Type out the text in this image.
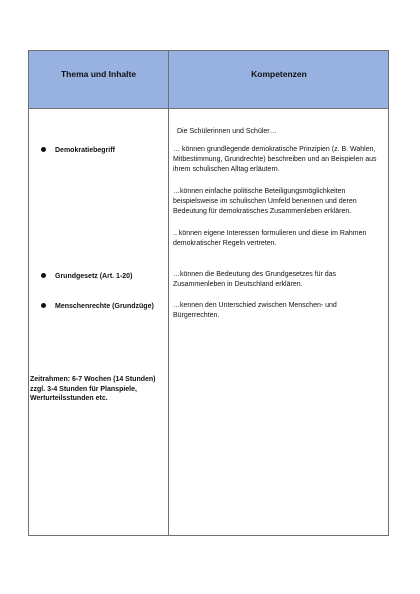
Thema und Inhalte	Kompetenzen
Demokratiebegriff
Grundgesetz (Art. 1-20)
Menschenrechte (Grundzüge)
Zeitrahmen: 6-7 Wochen (14 Stunden) zzgl. 3-4 Stunden für Planspiele, Werturteilsstunden etc.
Die Schülerinnen und Schüler…
… können grundlegende demokratische Prinzipien (z. B. Wahlen, Mitbestimmung, Grundrechte) beschreiben und an Beispielen aus ihrem schulischen Alltag erläutern.
…können einfache politische Beteiligungsmöglichkeiten beispielsweise im schulischen Umfeld benennen und deren Bedeutung für demokratisches Zusammenleben erklären.
.. können eigene Interessen formulieren und diese im Rahmen demokratischer Regeln vertreten.
…können die Bedeutung des Grundgesetzes für das Zusammenleben in Deutschland erklären.
…kennen den Unterschied zwischen Menschen- und Bürgerrechten.
